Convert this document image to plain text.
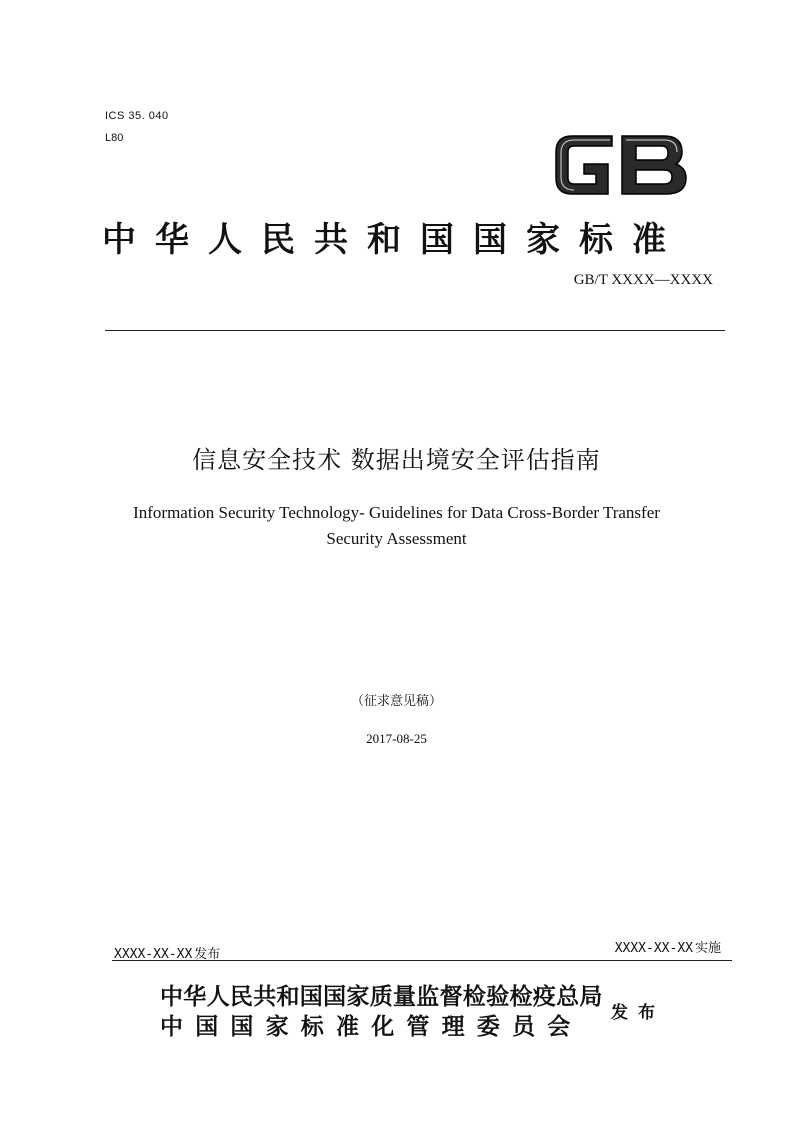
ICS 35. 040
L80
中华人民共和国国家标准
GB/T XXXX—XXXX
信息安全技术 数据出境安全评估指南
Information Security Technology- Guidelines for Data Cross-Border Transfer
Security Assessment
（征求意见稿）
2017-08-25
XXXX-XX-XX 发布	XXXX-XX-XX 实施
中华人民共和国国家质量监督检验检疫总局
中国国家标准化管理委员会
发布
